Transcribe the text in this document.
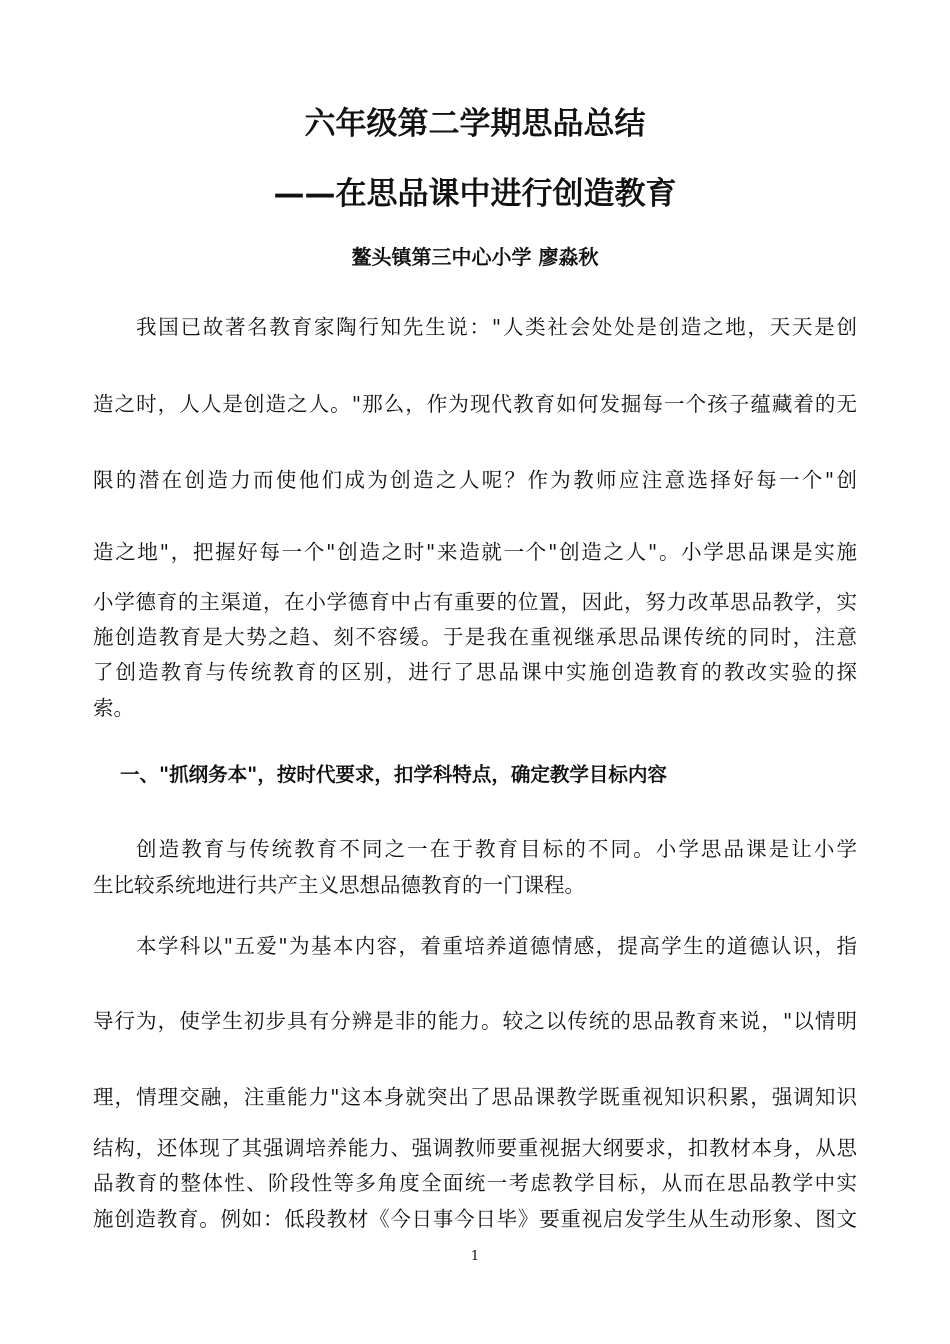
六年级第二学期思品总结
——在思品课中进行创造教育
鳌头镇第三中心小学 廖淼秋

我国已故著名教育家陶行知先生说："人类社会处处是创造之地，天天是创

造之时，人人是创造之人。"那么，作为现代教育如何发掘每一个孩子蕴藏着的无

限的潜在创造力而使他们成为创造之人呢？作为教师应注意选择好每一个"创

造之地"，把握好每一个"创造之时"来造就一个"创造之人"。小学思品课是实施

小学德育的主渠道，在小学德育中占有重要的位置，因此，努力改革思品教学，实

施创造教育是大势之趋、刻不容缓。于是我在重视继承思品课传统的同时，注意

了创造教育与传统教育的区别，进行了思品课中实施创造教育的教改实验的探

索。

一、"抓纲务本"，按时代要求，扣学科特点，确定教学目标内容

创造教育与传统教育不同之一在于教育目标的不同。小学思品课是让小学

生比较系统地进行共产主义思想品德教育的一门课程。

本学科以"五爱"为基本内容，着重培养道德情感，提高学生的道德认识，指

导行为，使学生初步具有分辨是非的能力。较之以传统的思品教育来说，"以情明

理，情理交融，注重能力"这本身就突出了思品课教学既重视知识积累，强调知识

结构，还体现了其强调培养能力、强调教师要重视据大纲要求，扣教材本身，从思

品教育的整体性、阶段性等多角度全面统一考虑教学目标，从而在思品教学中实

施创造教育。例如：低段教材《今日事今日毕》要重视启发学生从生动形象、图文

1
